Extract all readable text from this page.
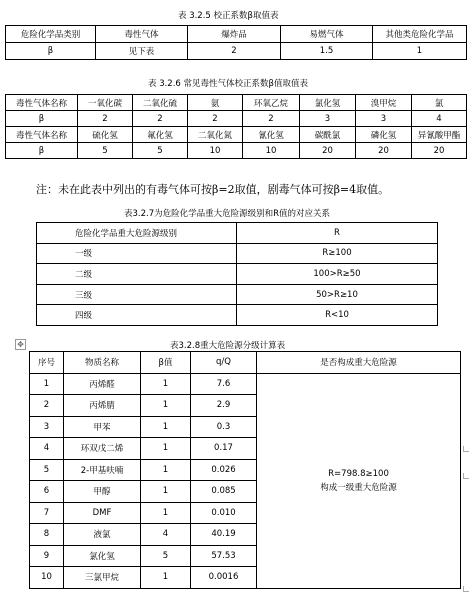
表 3.2.5 校正系数β取值表
危险化学品类别	毒性气体	爆炸品	易燃气体	其他类危险化学品
β	见下表	2	1.5	1
表 3.2.6 常见毒性气体校正系数β值取值表
毒性气体名称	一氧化碳	二氧化硫	氨	环氧乙烷	氯化氢	溴甲烷	氯
β	2	2	2	2	3	3	4
毒性气体名称	硫化氢	氟化氢	二氧化氮	氰化氢	碳酰氯	磷化氢	异氰酸甲酯
β	5	5	10	10	20	20	20
注：未在此表中列出的有毒气体可按β=2取值，剧毒气体可按β=4取值。
表3.2.7为危险化学品重大危险源级别和R值的对应关系
危险化学品重大危险源级别	R
一级	R≥100
二级	100>R≥50
三级	50>R≥10
四级	R<10
✥	表3.2.8重大危险源分级计算表
序号	物质名称	β值	q/Q	是否构成重大危险源
1	丙烯醛	1	7.6	R=798.8≥100
构成一级重大危险源
2	丙烯腈	1	2.9	
3	甲苯	1	0.3	
4	环双戊二烯	1	0.17	
5	2-甲基呋喃	1	0.026	
6	甲醇	1	0.085	
7	DMF	1	0.010	
8	液氯	4	40.19	
9	氯化氢	5	57.53	
10	三氯甲烷	1	0.0016	
